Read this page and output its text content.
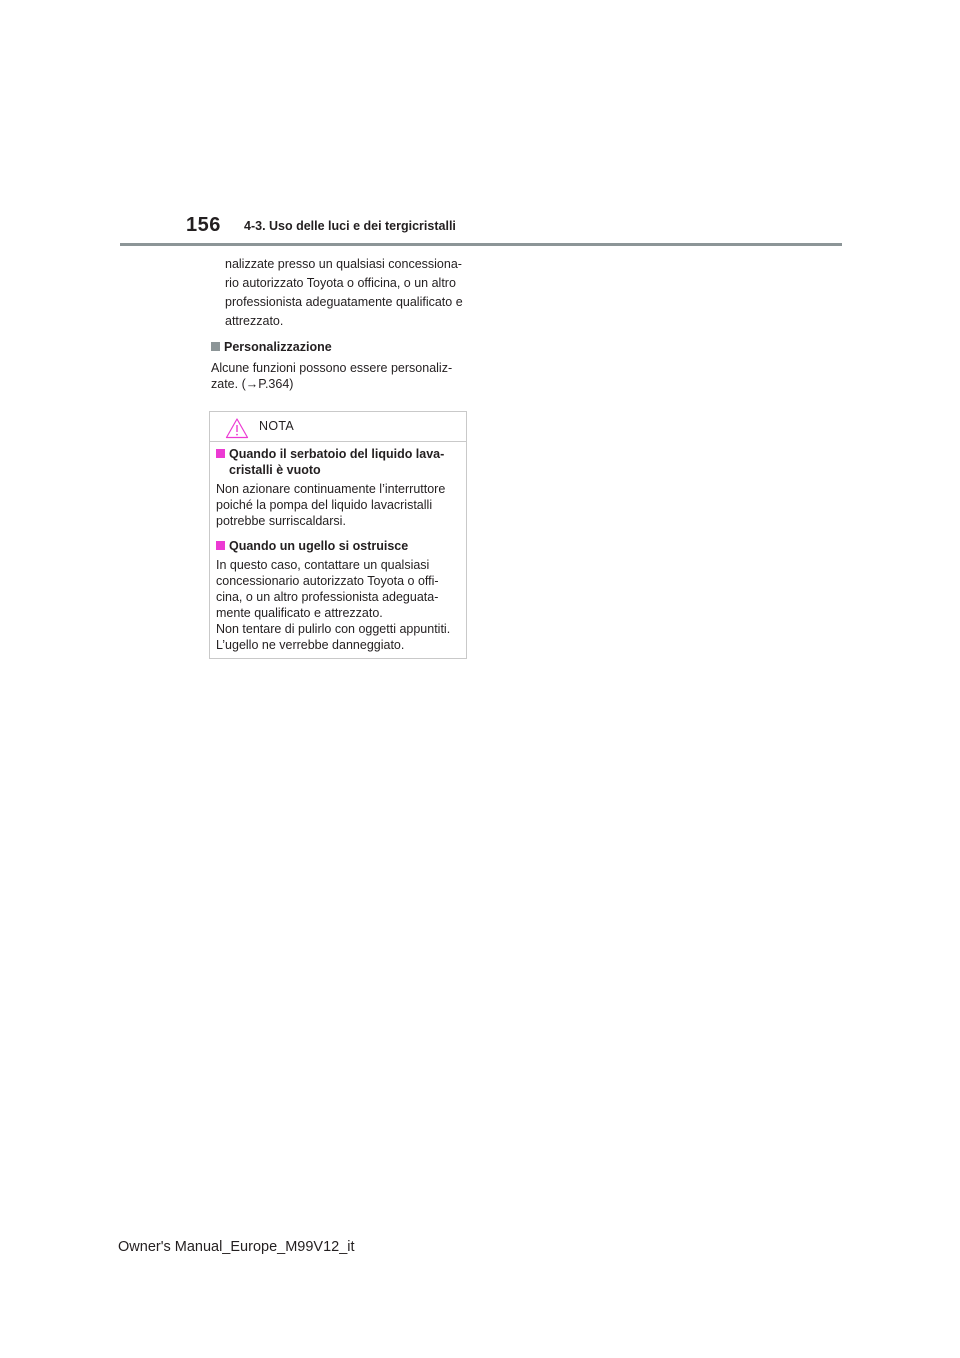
156 4-3. Uso delle luci e dei tergicristalli
nalizzate presso un qualsiasi concessiona-
rio autorizzato Toyota o officina, o un altro
professionista adeguatamente qualificato e
attrezzato.
Personalizzazione
Alcune funzioni possono essere personaliz-
zate. (→P.364)
NOTA
Quando il serbatoio del liquido lava-
cristalli è vuoto
Non azionare continuamente l’interruttore
poiché la pompa del liquido lavacristalli
potrebbe surriscaldarsi.
Quando un ugello si ostruisce
In questo caso, contattare un qualsiasi
concessionario autorizzato Toyota o offi-
cina, o un altro professionista adeguata-
mente qualificato e attrezzato.
Non tentare di pulirlo con oggetti appuntiti.
L’ugello ne verrebbe danneggiato.
Owner's Manual_Europe_M99V12_it
